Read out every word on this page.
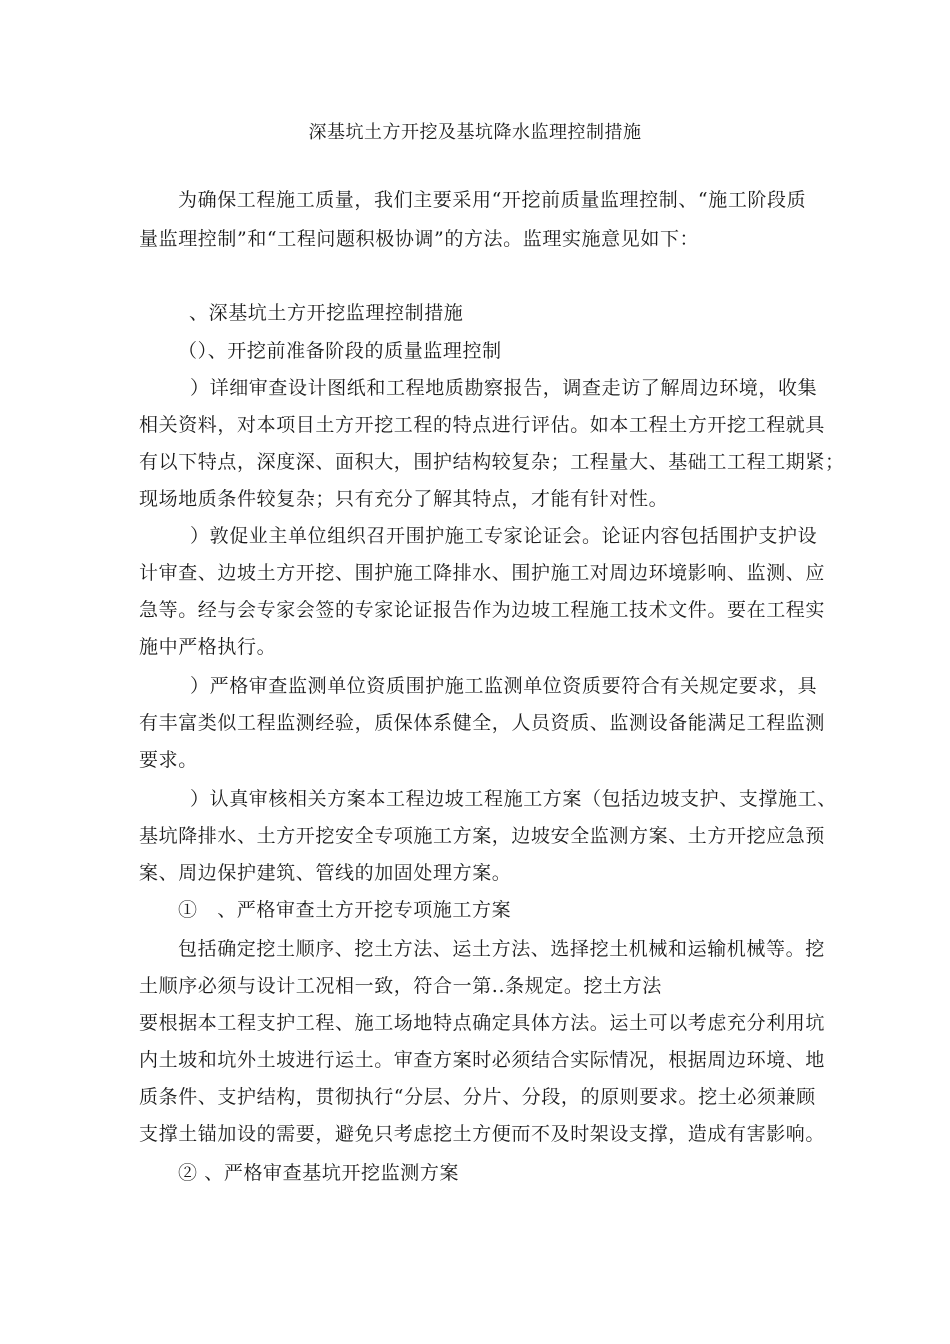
深基坑土方开挖及基坑降水监理控制措施
为确保工程施工质量，我们主要采用“开挖前质量监理控制、“施工阶段质
量监理控制”和“工程问题积极协调”的方法。监理实施意见如下：
、深基坑土方开挖监理控制措施
（）、开挖前准备阶段的质量监理控制
）详细审查设计图纸和工程地质勘察报告，调查走访了解周边环境，收集
相关资料，对本项目土方开挖工程的特点进行评估。如本工程土方开挖工程就具
有以下特点，深度深、面积大，围护结构较复杂；工程量大、基础工工程工期紧；
现场地质条件较复杂；只有充分了解其特点，才能有针对性。
）敦促业主单位组织召开围护施工专家论证会。论证内容包括围护支护设
计审查、边坡土方开挖、围护施工降排水、围护施工对周边环境影响、监测、应
急等。经与会专家会签的专家论证报告作为边坡工程施工技术文件。要在工程实
施中严格执行。
）严格审查监测单位资质围护施工监测单位资质要符合有关规定要求，具
有丰富类似工程监测经验，质保体系健全，人员资质、监测设备能满足工程监测
要求。
）认真审核相关方案本工程边坡工程施工方案（包括边坡支护、支撑施工、
基坑降排水、土方开挖安全专项施工方案，边坡安全监测方案、土方开挖应急预
案、周边保护建筑、管线的加固处理方案。
①　、严格审查土方开挖专项施工方案
包括确定挖土顺序、挖土方法、运土方法、选择挖土机械和运输机械等。挖
土顺序必须与设计工况相一致，符合一第..条规定。挖土方法
要根据本工程支护工程、施工场地特点确定具体方法。运土可以考虑充分利用坑
内土坡和坑外土坡进行运土。审查方案时必须结合实际情况，根据周边环境、地
质条件、支护结构，贯彻执行“分层、分片、分段，的原则要求。挖土必须兼顾
支撑土锚加设的需要，避免只考虑挖土方便而不及时架设支撑，造成有害影响。
② 、严格审查基坑开挖监测方案
